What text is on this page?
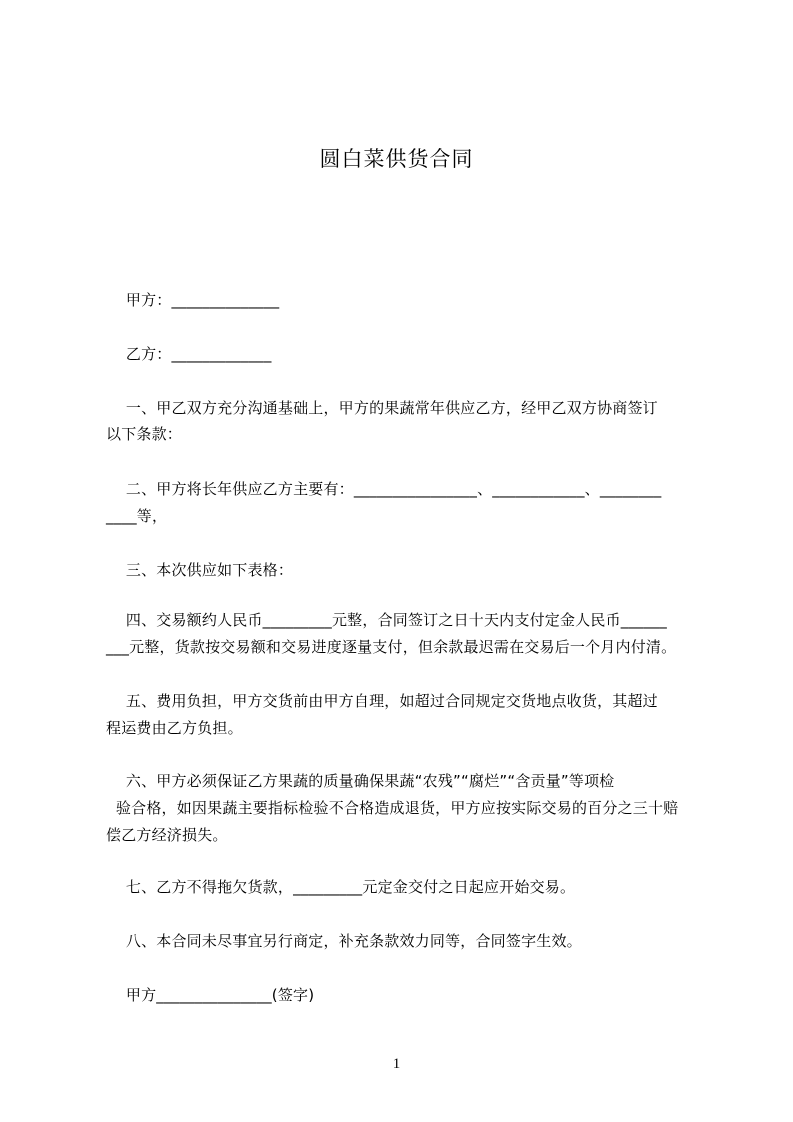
圆白菜供货合同
甲方：______________
乙方：_____________
一、甲乙双方充分沟通基础上，甲方的果蔬常年供应乙方，经甲乙双方协商签订
以下条款：
二、甲方将长年供应乙方主要有：________________、____________、________
____等，
三、本次供应如下表格：
四、交易额约人民币_________元整，合同签订之日十天内支付定金人民币______
___元整，货款按交易额和交易进度逐量支付，但余款最迟需在交易后一个月内付清。
五、费用负担，甲方交货前由甲方自理，如超过合同规定交货地点收货，其超过
程运费由乙方负担。
六、甲方必须保证乙方果蔬的质量确保果蔬“农残”“腐烂”“含贡量”等项检
验合格，如因果蔬主要指标检验不合格造成退货，甲方应按实际交易的百分之三十赔
偿乙方经济损失。
七、乙方不得拖欠货款，_________元定金交付之日起应开始交易。
八、本合同未尽事宜另行商定，补充条款效力同等，合同签字生效。
甲方_______________(签字)
1
